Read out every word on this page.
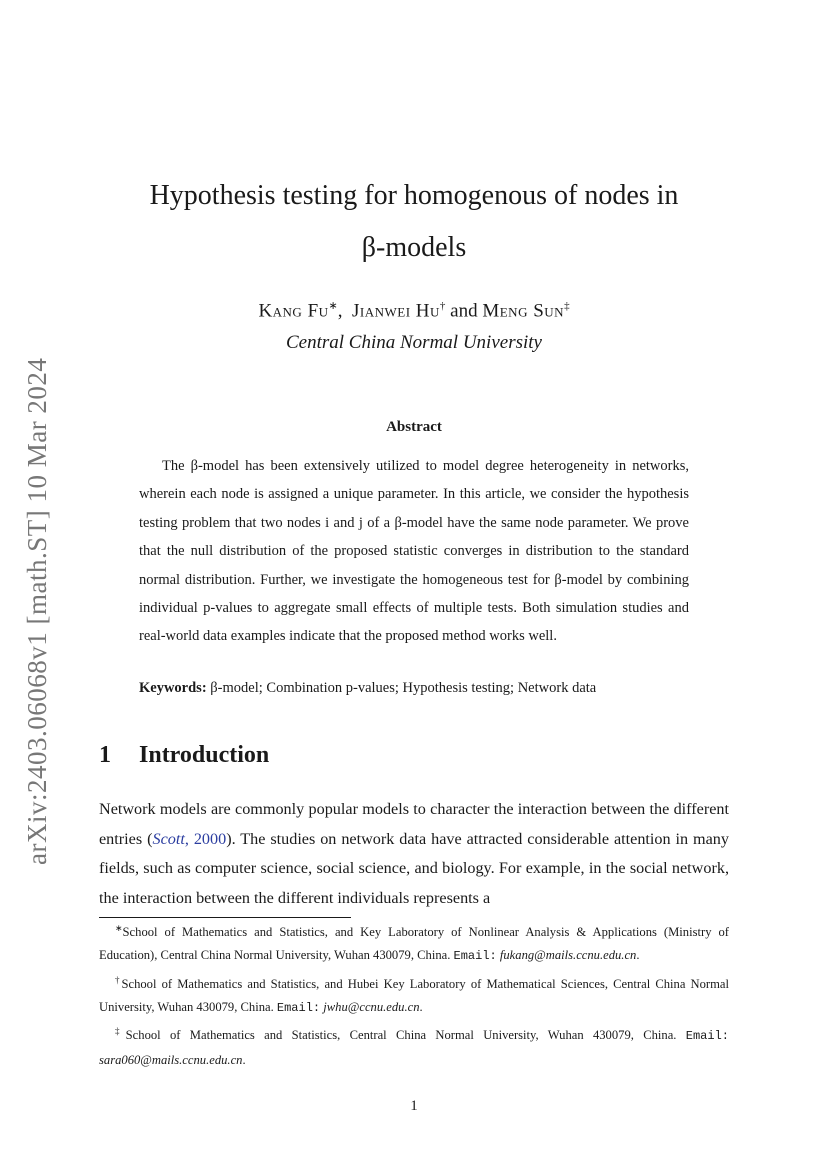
arXiv:2403.06068v1 [math.ST] 10 Mar 2024
Hypothesis testing for homogenous of nodes in
β-models
Kang Fu∗, Jianwei Hu† and Meng Sun‡
Central China Normal University
Abstract

The β-model has been extensively utilized to model degree heterogeneity in networks, wherein each node is assigned a unique parameter. In this article, we consider the hypothesis testing problem that two nodes i and j of a β-model have the same node parameter. We prove that the null distribution of the proposed statistic converges in distribution to the standard normal distribution. Further, we investigate the homogeneous test for β-model by combining individual p-values to aggregate small effects of multiple tests. Both simulation studies and real-world data examples indicate that the proposed method works well.

Keywords: β-model; Combination p-values; Hypothesis testing; Network data
1 Introduction

Network models are commonly popular models to character the interaction between the different entries (Scott, 2000). The studies on network data have attracted considerable attention in many fields, such as computer science, social science, and biology. For example, in the social network, the interaction between the different individuals represents a

∗School of Mathematics and Statistics, and Key Laboratory of Nonlinear Analysis & Applications (Ministry of Education), Central China Normal University, Wuhan 430079, China. Email: fukang@mails.ccnu.edu.cn.

†School of Mathematics and Statistics, and Hubei Key Laboratory of Mathematical Sciences, Central China Normal University, Wuhan 430079, China. Email: jwhu@ccnu.edu.cn.

‡School of Mathematics and Statistics, Central China Normal University, Wuhan 430079, China. Email: sara060@mails.ccnu.edu.cn.

1
